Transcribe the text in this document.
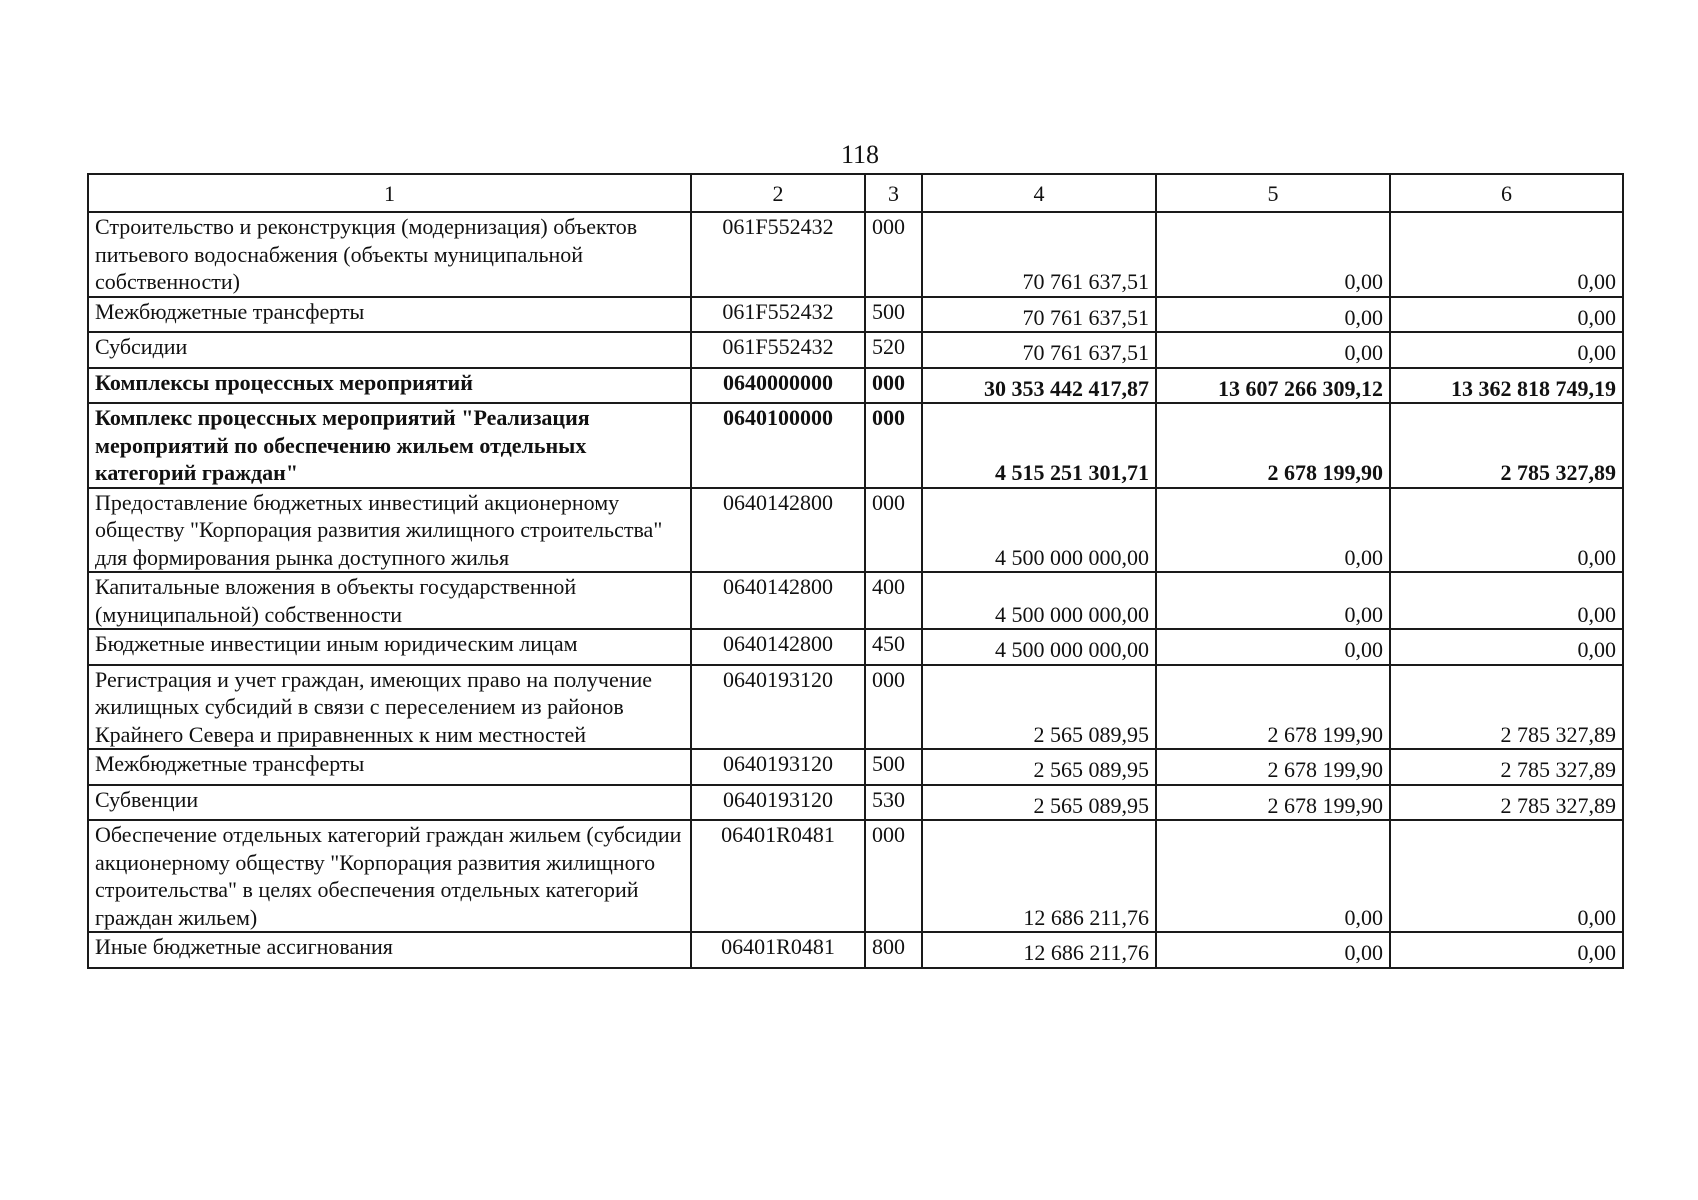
118
1	2	3	4	5	6
Строительство и реконструкция (модернизация) объектов питьевого водоснабжения (объекты муниципальной собственности)	061F552432	000	70 761 637,51	0,00	0,00
Межбюджетные трансферты	061F552432	500	70 761 637,51	0,00	0,00
Субсидии	061F552432	520	70 761 637,51	0,00	0,00
Комплексы процессных мероприятий	0640000000	000	30 353 442 417,87	13 607 266 309,12	13 362 818 749,19
Комплекс процессных мероприятий "Реализация мероприятий по обеспечению жильем отдельных категорий граждан"	0640100000	000	4 515 251 301,71	2 678 199,90	2 785 327,89
Предоставление бюджетных инвестиций акционерному обществу "Корпорация развития жилищного строительства" для формирования рынка доступного жилья	0640142800	000	4 500 000 000,00	0,00	0,00
Капитальные вложения в объекты государственной (муниципальной) собственности	0640142800	400	4 500 000 000,00	0,00	0,00
Бюджетные инвестиции иным юридическим лицам	0640142800	450	4 500 000 000,00	0,00	0,00
Регистрация и учет граждан, имеющих право на получение жилищных субсидий в связи с переселением из районов Крайнего Севера и приравненных к ним местностей	0640193120	000	2 565 089,95	2 678 199,90	2 785 327,89
Межбюджетные трансферты	0640193120	500	2 565 089,95	2 678 199,90	2 785 327,89
Субвенции	0640193120	530	2 565 089,95	2 678 199,90	2 785 327,89
Обеспечение отдельных категорий граждан жильем (субсидии акционерному обществу "Корпорация развития жилищного строительства" в целях обеспечения отдельных категорий граждан жильем)	06401R0481	000	12 686 211,76	0,00	0,00
Иные бюджетные ассигнования	06401R0481	800	12 686 211,76	0,00	0,00
